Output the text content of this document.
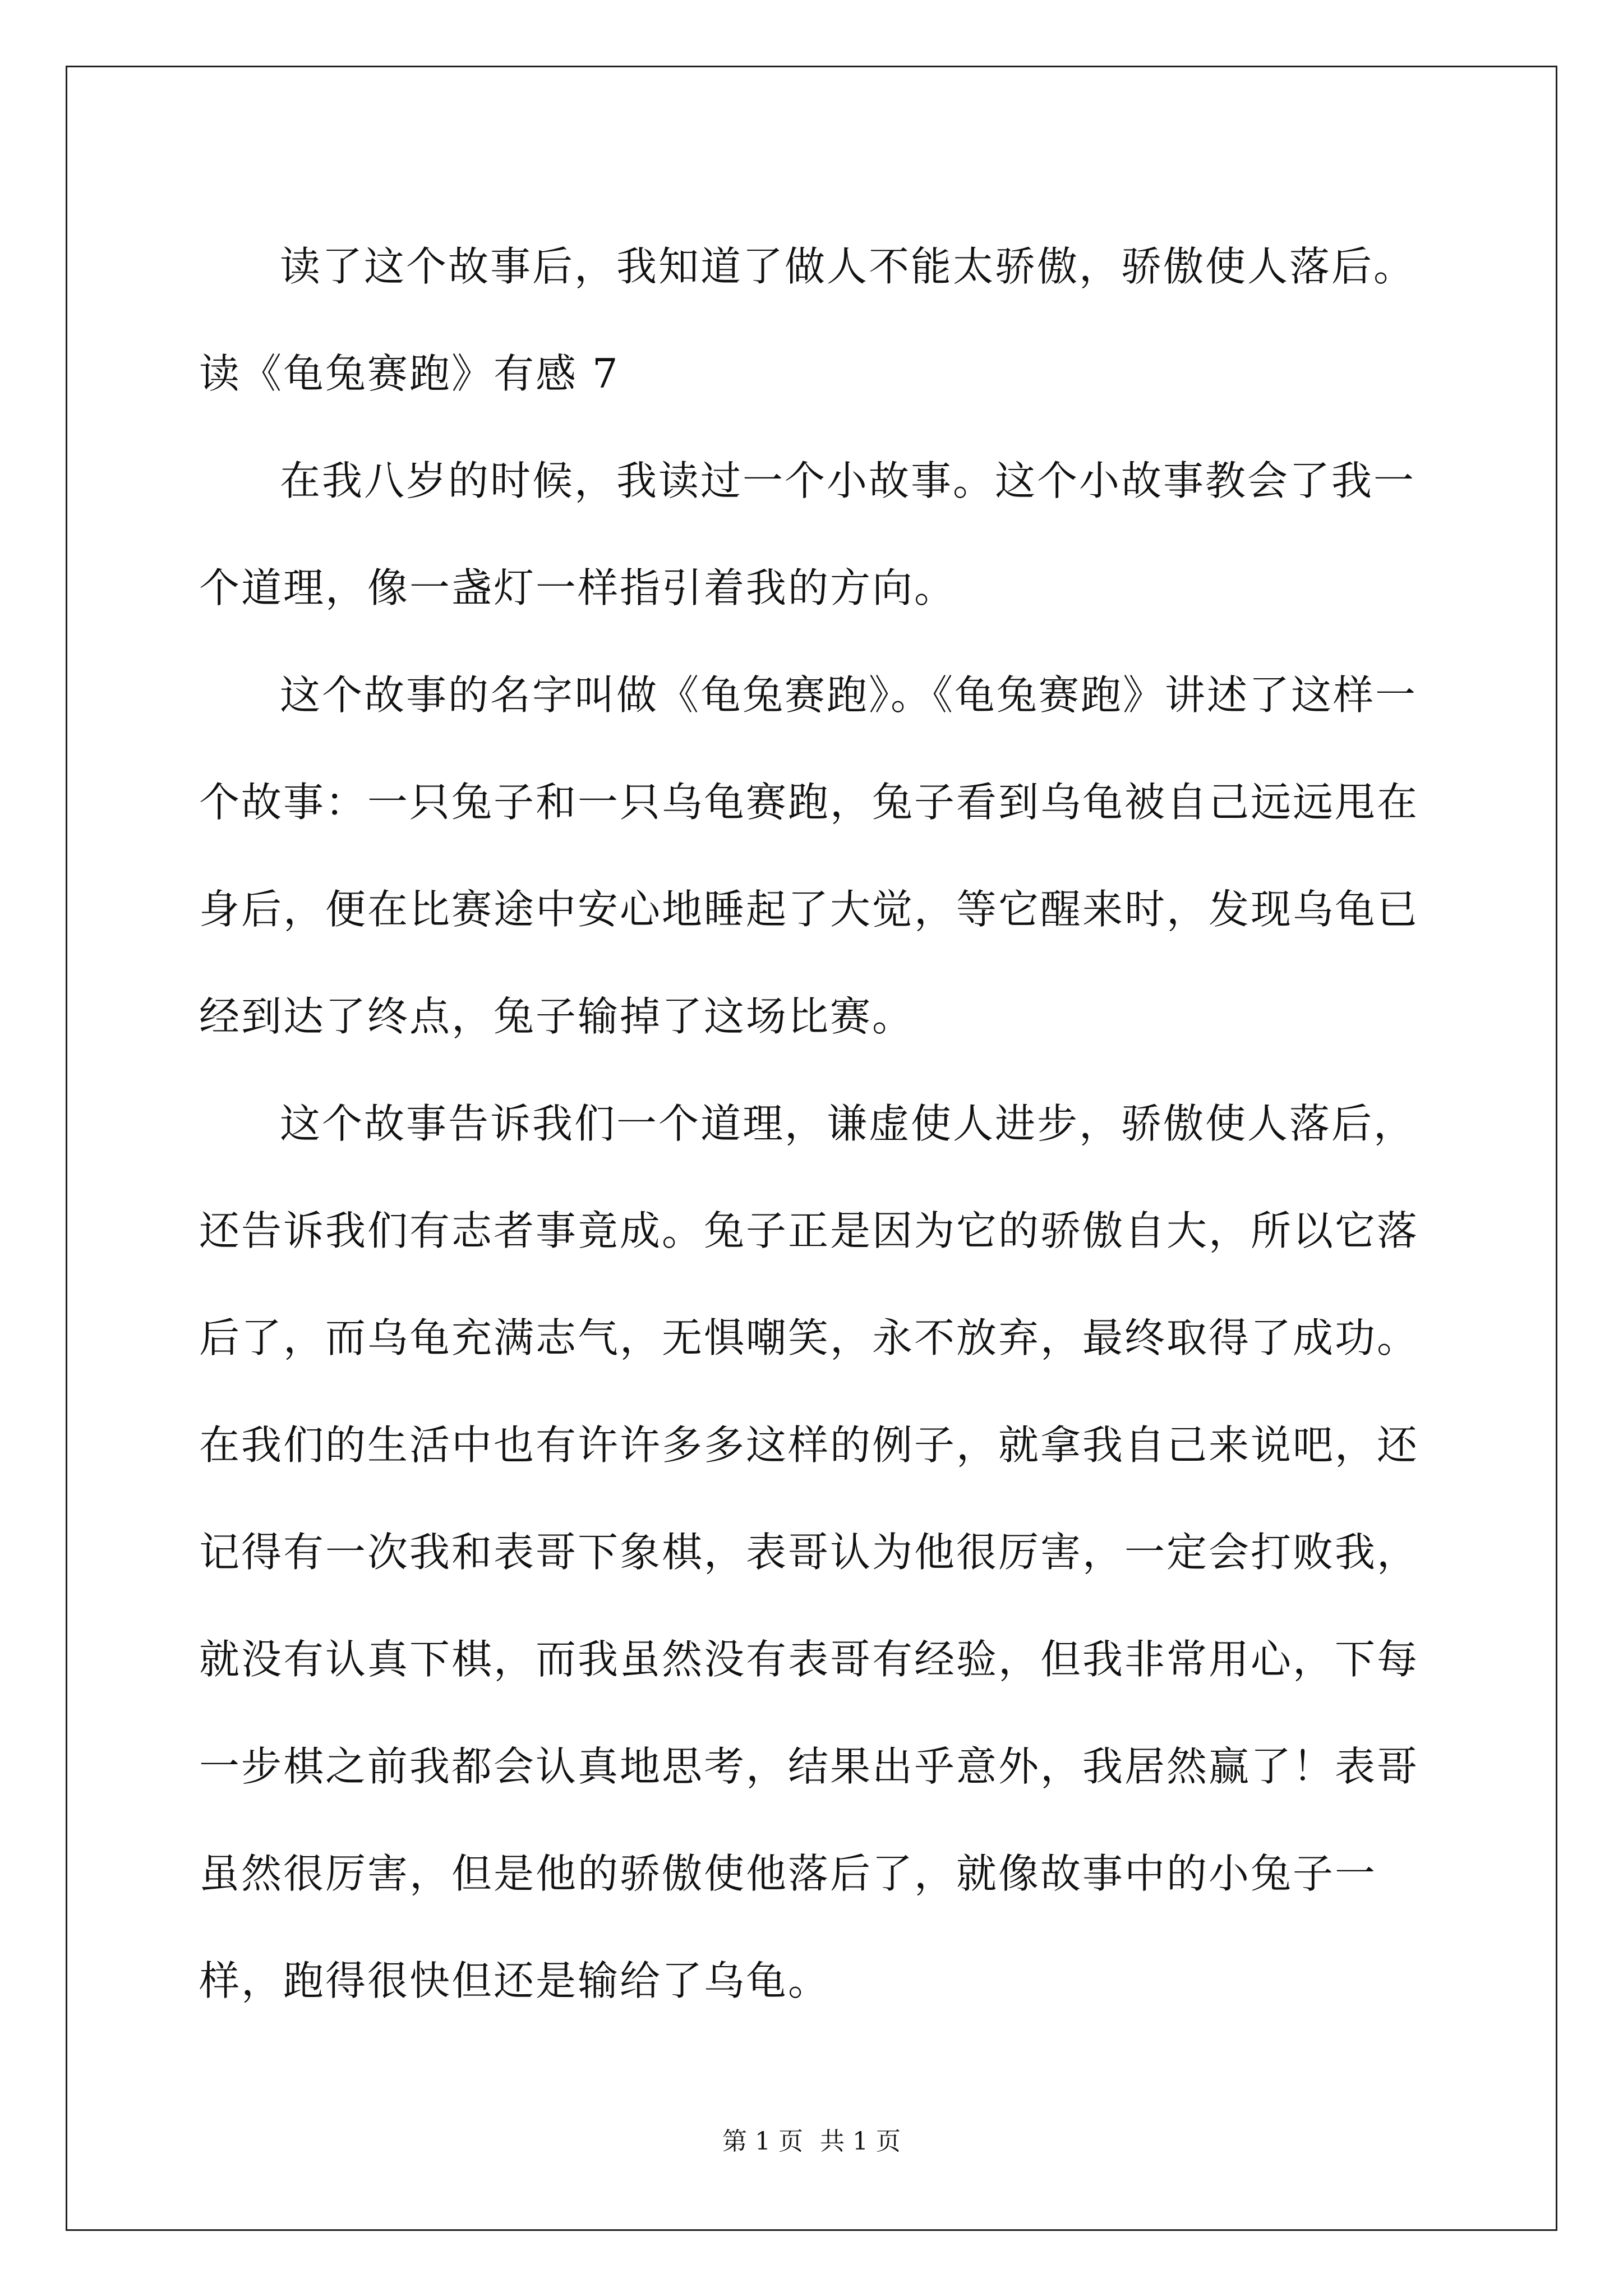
读了这个故事后，我知道了做人不能太骄傲，骄傲使人落后。

读《龟兔赛跑》有感 7

在我八岁的时候，我读过一个小故事。这个小故事教会了我一个道理，像一盏灯一样指引着我的方向。

这个故事的名字叫做《龟兔赛跑》。《龟兔赛跑》讲述了这样一个故事：一只兔子和一只乌龟赛跑，兔子看到乌龟被自己远远甩在身后，便在比赛途中安心地睡起了大觉，等它醒来时，发现乌龟已经到达了终点，兔子输掉了这场比赛。

这个故事告诉我们一个道理，谦虚使人进步，骄傲使人落后，还告诉我们有志者事竟成。兔子正是因为它的骄傲自大，所以它落后了，而乌龟充满志气，无惧嘲笑，永不放弃，最终取得了成功。在我们的生活中也有许许多多这样的例子，就拿我自己来说吧，还记得有一次我和表哥下象棋，表哥认为他很厉害，一定会打败我，就没有认真下棋，而我虽然没有表哥有经验，但我非常用心，下每一步棋之前我都会认真地思考，结果出乎意外，我居然赢了！表哥虽然很厉害，但是他的骄傲使他落后了，就像故事中的小兔子一样，跑得很快但还是输给了乌龟。

第 1 页 共 1 页
